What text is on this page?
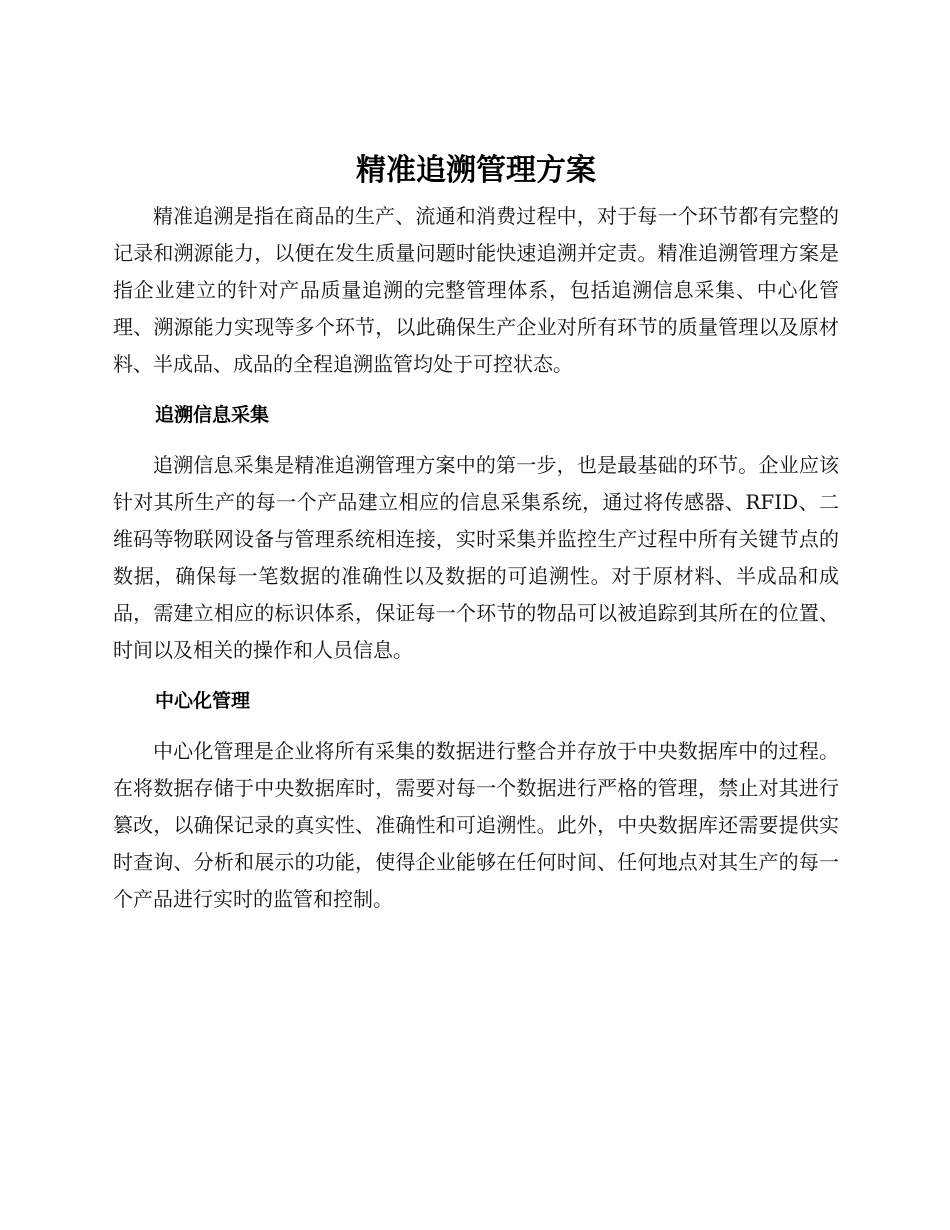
精准追溯管理方案

精准追溯是指在商品的生产、流通和消费过程中，对于每一个环节都有完整的记录和溯源能力，以便在发生质量问题时能快速追溯并定责。精准追溯管理方案是指企业建立的针对产品质量追溯的完整管理体系，包括追溯信息采集、中心化管理、溯源能力实现等多个环节，以此确保生产企业对所有环节的质量管理以及原材料、半成品、成品的全程追溯监管均处于可控状态。

追溯信息采集

追溯信息采集是精准追溯管理方案中的第一步，也是最基础的环节。企业应该针对其所生产的每一个产品建立相应的信息采集系统，通过将传感器、RFID、二维码等物联网设备与管理系统相连接，实时采集并监控生产过程中所有关键节点的数据，确保每一笔数据的准确性以及数据的可追溯性。对于原材料、半成品和成品，需建立相应的标识体系，保证每一个环节的物品可以被追踪到其所在的位置、时间以及相关的操作和人员信息。

中心化管理

中心化管理是企业将所有采集的数据进行整合并存放于中央数据库中的过程。在将数据存储于中央数据库时，需要对每一个数据进行严格的管理，禁止对其进行篡改，以确保记录的真实性、准确性和可追溯性。此外，中央数据库还需要提供实时查询、分析和展示的功能，使得企业能够在任何时间、任何地点对其生产的每一个产品进行实时的监管和控制。
